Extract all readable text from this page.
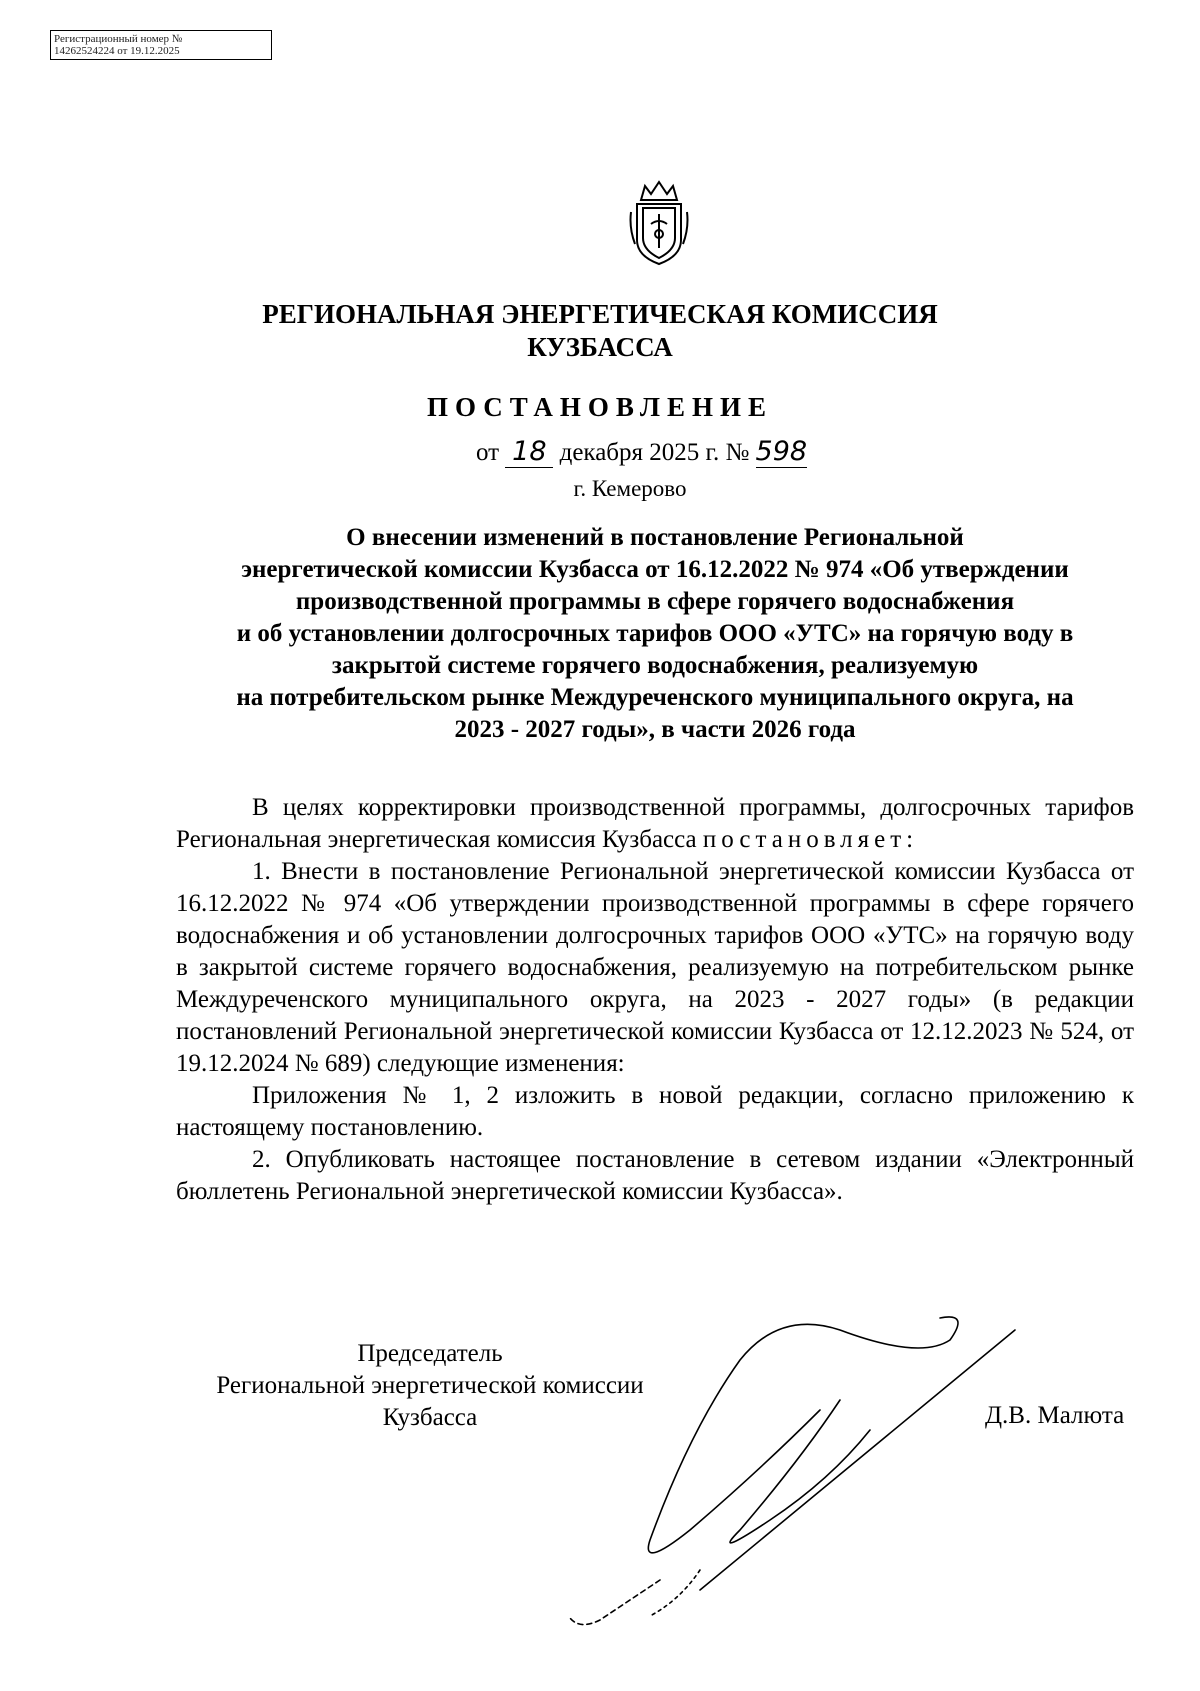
Регистрационный номер №
14262524224 от 19.12.2025
РЕГИОНАЛЬНАЯ ЭНЕРГЕТИЧЕСКАЯ КОМИССИЯ
КУЗБАССА
ПОСТАНОВЛЕНИЕ
от 18 декабря 2025 г. № 598
г. Кемерово
О внесении изменений в постановление Региональной
энергетической комиссии Кузбасса от 16.12.2022 № 974 «Об утверждении
производственной программы в сфере горячего водоснабжения
и об установлении долгосрочных тарифов ООО «УТС» на горячую воду в
закрытой системе горячего водоснабжения, реализуемую
на потребительском рынке Междуреченского муниципального округа, на
2023 - 2027 годы», в части 2026 года

В целях корректировки производственной программы, долгосрочных тарифов Региональная энергетическая комиссия Кузбасса постановляет:

1. Внести в постановление Региональной энергетической комиссии Кузбасса от 16.12.2022 № 974 «Об утверждении производственной программы в сфере горячего водоснабжения и об установлении долгосрочных тарифов ООО «УТС» на горячую воду в закрытой системе горячего водоснабжения, реализуемую на потребительском рынке Междуреченского муниципального округа, на 2023 - 2027 годы» (в редакции постановлений Региональной энергетической комиссии Кузбасса от 12.12.2023 № 524, от 19.12.2024 № 689) следующие изменения:

Приложения № 1, 2 изложить в новой редакции, согласно приложению к настоящему постановлению.

2. Опубликовать настоящее постановление в сетевом издании «Электронный бюллетень Региональной энергетической комиссии Кузбасса».

Председатель
Региональной энергетической комиссии
Кузбасса	Д.В. Малюта
